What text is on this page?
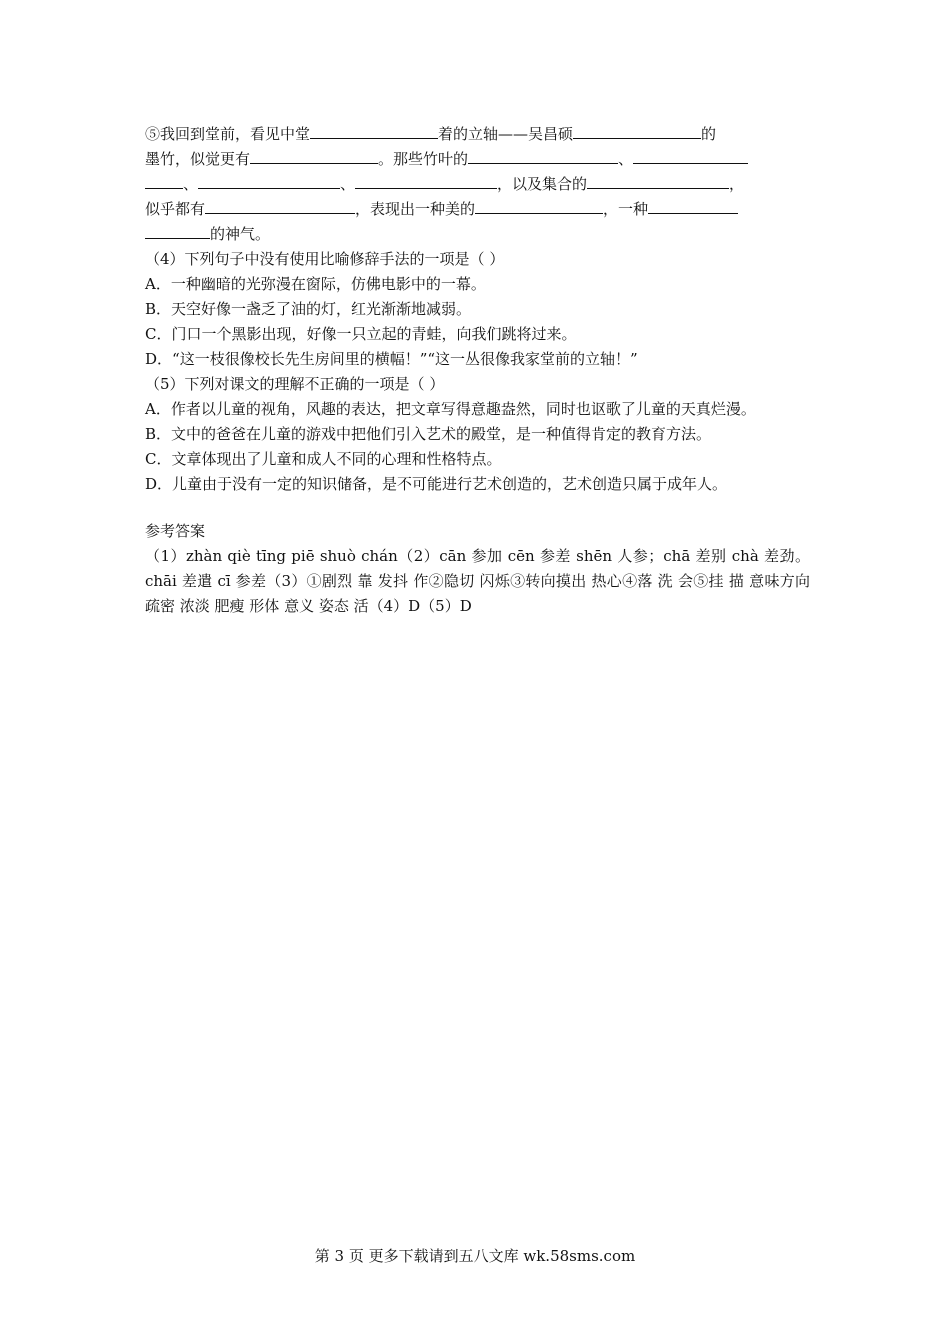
⑤我回到堂前，看见中堂	着的立轴——吴昌硕	的
墨竹，似觉更有	。那些竹叶的	、
、	、	，以及集合的	，
似乎都有	，表现出一种美的	，一种
的神气。
（4）下列句子中没有使用比喻修辞手法的一项是（ ）
A．一种幽暗的光弥漫在窗际，仿佛电影中的一幕。
B．天空好像一盏乏了油的灯，红光渐渐地减弱。
C．门口一个黑影出现，好像一只立起的青蛙，向我们跳将过来。
D．“这一枝很像校长先生房间里的横幅！”“这一丛很像我家堂前的立轴！”
（5）下列对课文的理解不正确的一项是（ ）
A．作者以儿童的视角，风趣的表达，把文章写得意趣盎然，同时也讴歌了儿童的天真烂漫。
B．文中的爸爸在儿童的游戏中把他们引入艺术的殿堂，是一种值得肯定的教育方法。
C．文章体现出了儿童和成人不同的心理和性格特点。
D．儿童由于没有一定的知识储备，是不可能进行艺术创造的，艺术创造只属于成年人。
参考答案
（1）zhàn qiè tīng piē shuò chán（2）cān 参加 cēn 参差 shēn 人参；chā 差别 chà 差劲。chāi 差遣 cī 参差（3）①剧烈 靠 发抖 作②隐切 闪烁③转向摸出 热心④落 洗 会⑤挂 描 意味方向 疏密 浓淡 肥瘦 形体 意义 姿态 活（4）D（5）D
第 3 页 更多下载请到五八文库 wk.58sms.com
